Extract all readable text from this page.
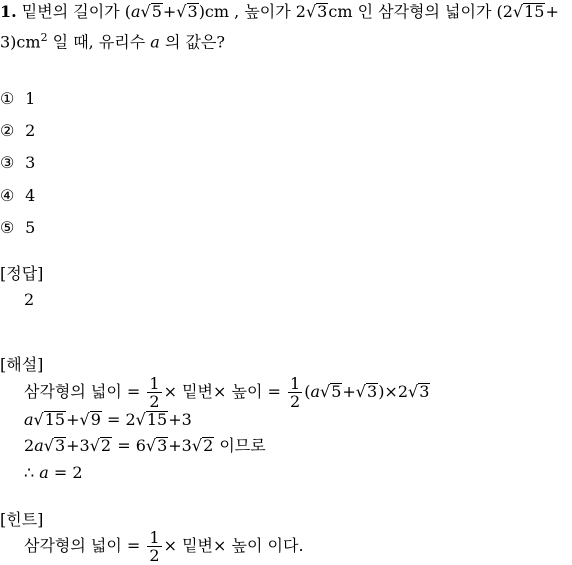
1. 밑변의 길이가 (a√5+√3)cm , 높이가 2√3cm 인 삼각형의 넓이가 (2√15+
$3)cm^2$ 일 때, 유리수 a 의 값은?
① 1
② 2
③ 3
④ 4
⑤ 5
[정답]
2
[해설]
삼각형의 넓이 = $\frac{1}{2}$ × 밑변× 높이 = $\frac{1}{2} (a√5+√3)\times 2√3$
a√15+√9 = 2√15+3
2a√3+3√2 = 6√3+3√2 이므로
∴ a = 2
[힌트]
삼각형의 넓이 = $\frac{1}{2}$ × 밑변× 높이 이다.
